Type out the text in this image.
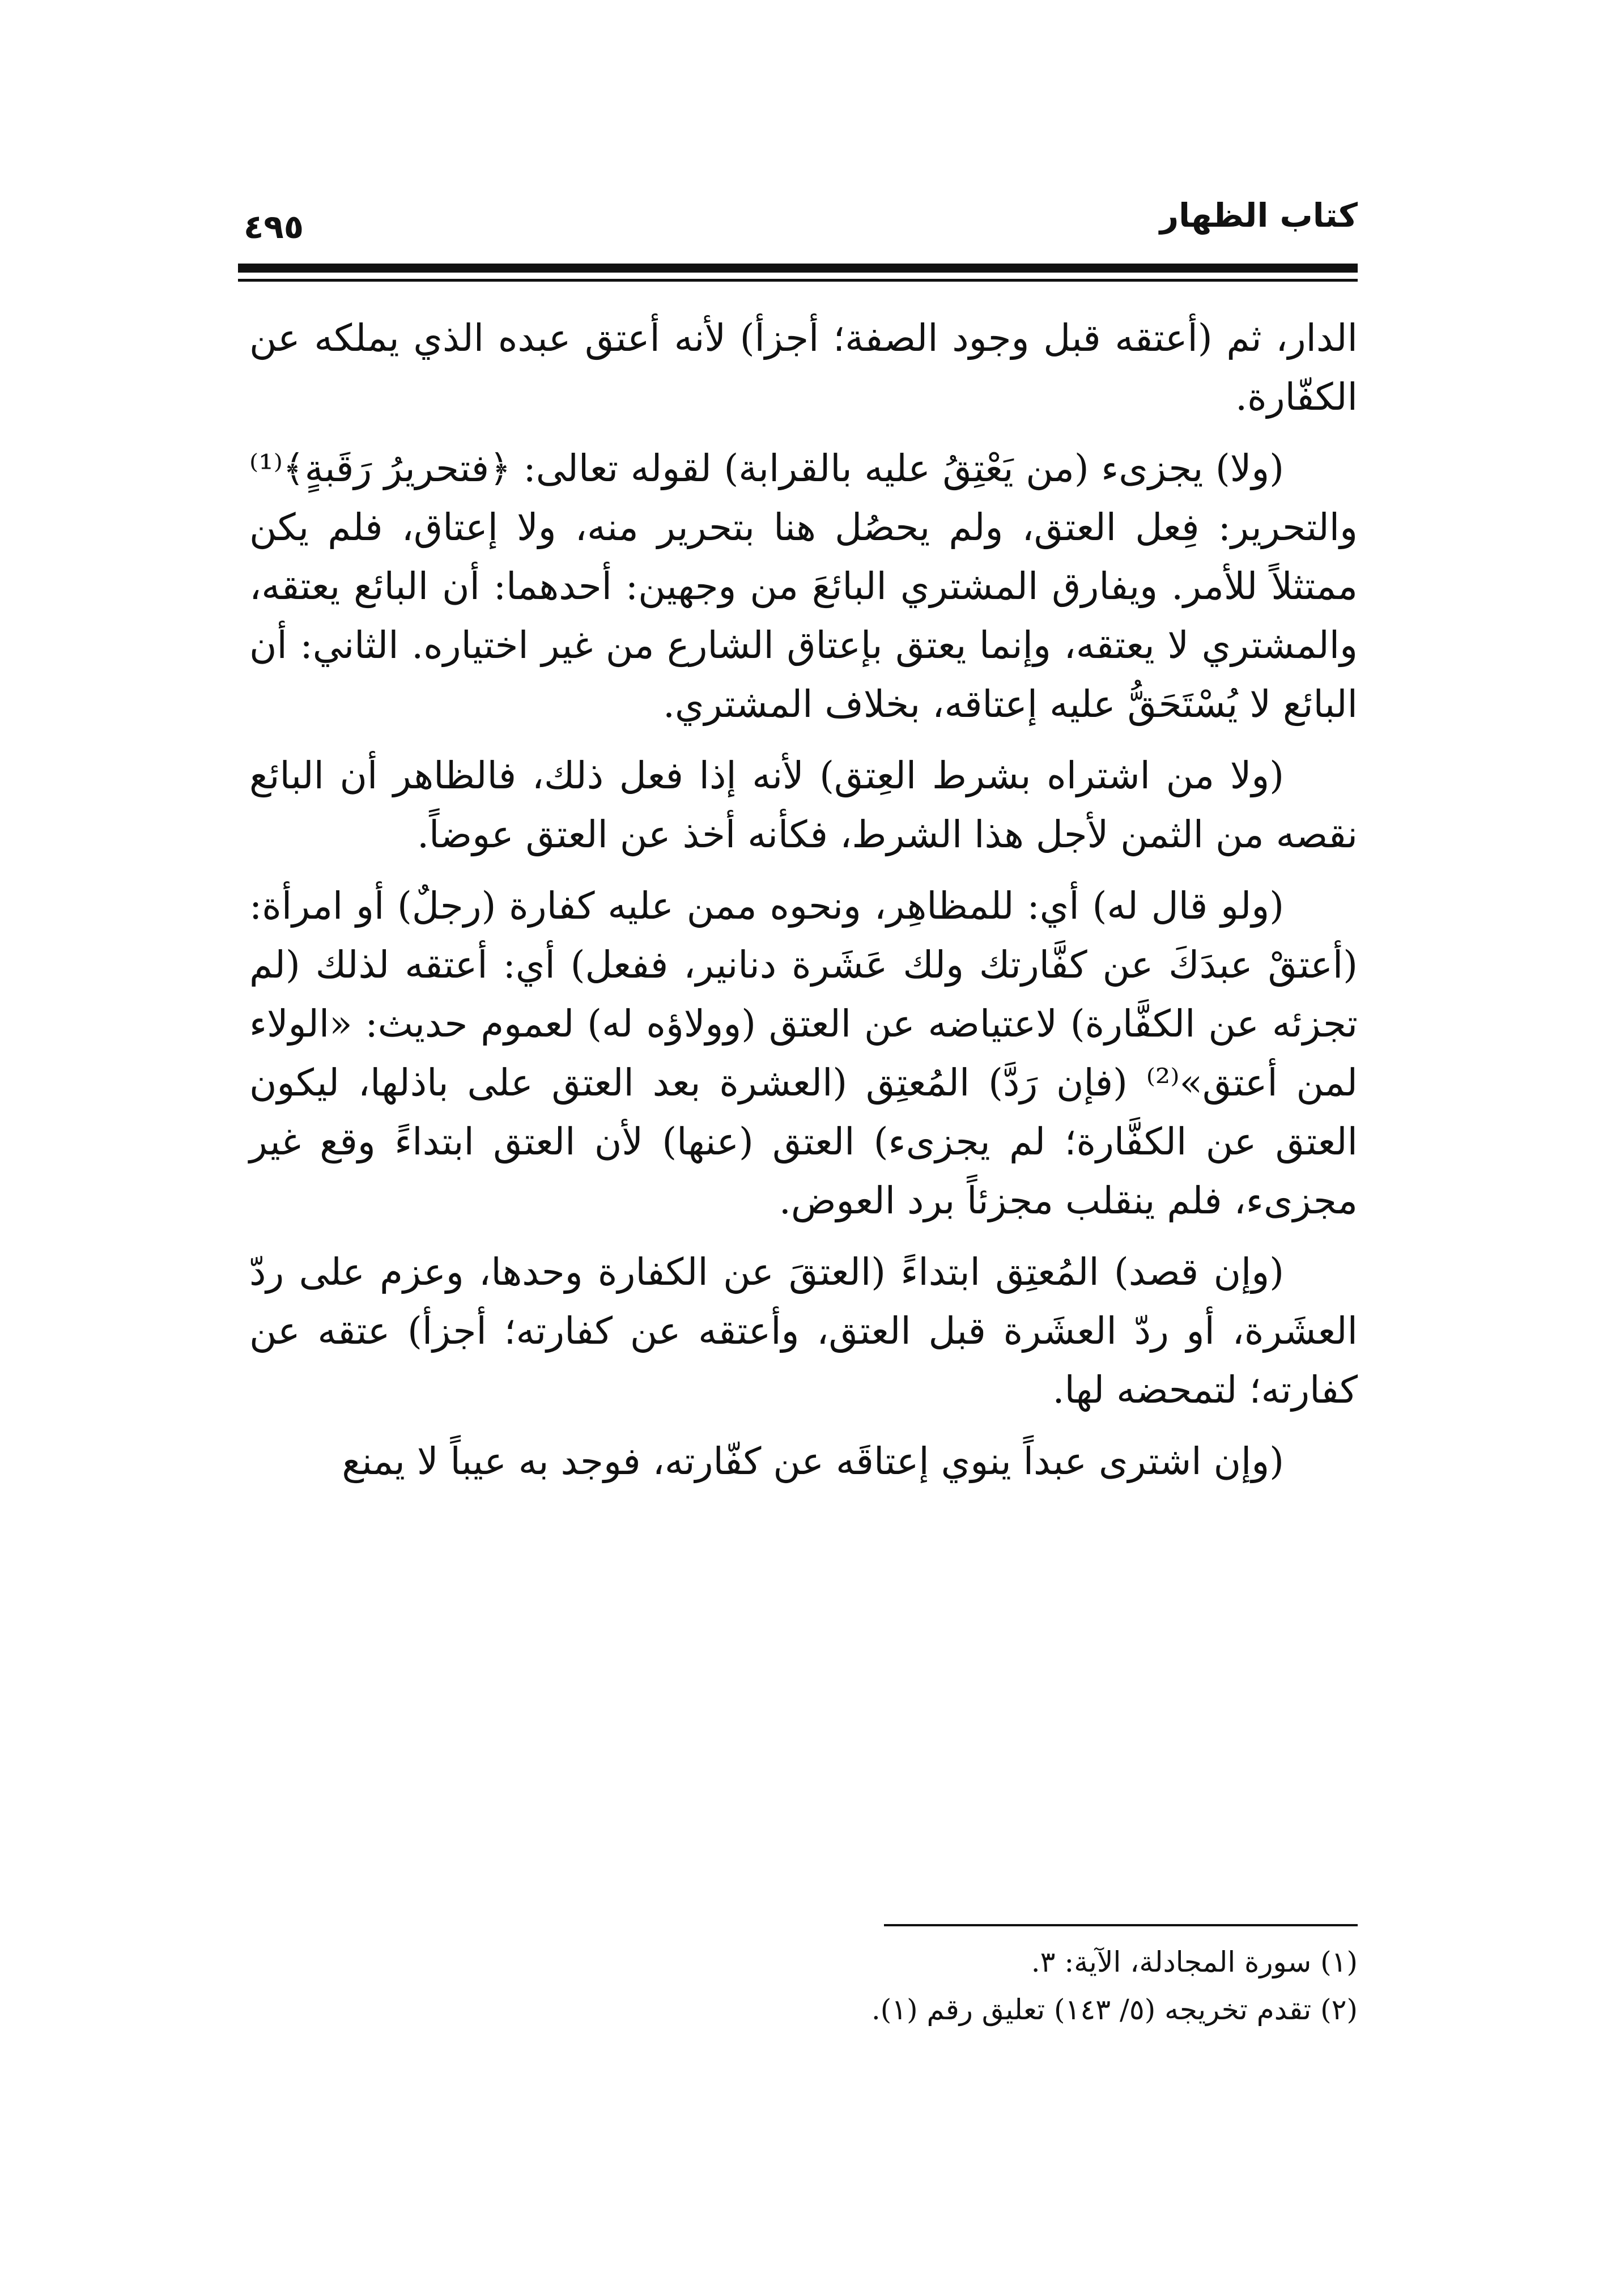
كتاب الظهار
٤٩٥

الدار، ثم (أعتقه قبل وجود الصفة؛ أجزأ) لأنه أعتق عبده الذي يملكه عن الكفّارة.

(ولا) يجزىء (من يَعْتِقُ عليه بالقرابة) لقوله تعالى: ﴿فتحريرُ رَقَبةٍ﴾⁽¹⁾ والتحرير: فِعل العتق، ولم يحصُل هنا بتحرير منه، ولا إعتاق، فلم يكن ممتثلاً للأمر. ويفارق المشتري البائعَ من وجهين: أحدهما: أن البائع يعتقه، والمشتري لا يعتقه، وإنما يعتق بإعتاق الشارع من غير اختياره. الثاني: أن البائع لا يُسْتَحَقُّ عليه إعتاقه، بخلاف المشتري.

(ولا من اشتراه بشرط العِتق) لأنه إذا فعل ذلك، فالظاهر أن البائع نقصه من الثمن لأجل هذا الشرط، فكأنه أخذ عن العتق عوضاً.

(ولو قال له) أي: للمظاهِر، ونحوه ممن عليه كفارة (رجلٌ) أو امرأة: (أعتقْ عبدَكَ عن كفَّارتك ولك عَشَرة دنانير، ففعل) أي: أعتقه لذلك (لم تجزئه عن الكفَّارة) لاعتياضه عن العتق (وولاؤه له) لعموم حديث: «الولاء لمن أعتق»⁽²⁾ (فإن رَدَّ) المُعتِق (العشرة بعد العتق على باذلها، ليكون العتق عن الكفَّارة؛ لم يجزىء) العتق (عنها) لأن العتق ابتداءً وقع غير مجزىء، فلم ينقلب مجزئاً برد العوض.

(وإن قصد) المُعتِق ابتداءً (العتقَ عن الكفارة وحدها، وعزم على ردّ العشَرة، أو ردّ العشَرة قبل العتق، وأعتقه عن كفارته؛ أجزأ) عتقه عن كفارته؛ لتمحضه لها.

(وإن اشترى عبداً ينوي إعتاقَه عن كفّارته، فوجد به عيباً لا يمنع

(١) سورة المجادلة، الآية: ٣.

(٢) تقدم تخريجه (٥/ ١٤٣) تعليق رقم (١).
